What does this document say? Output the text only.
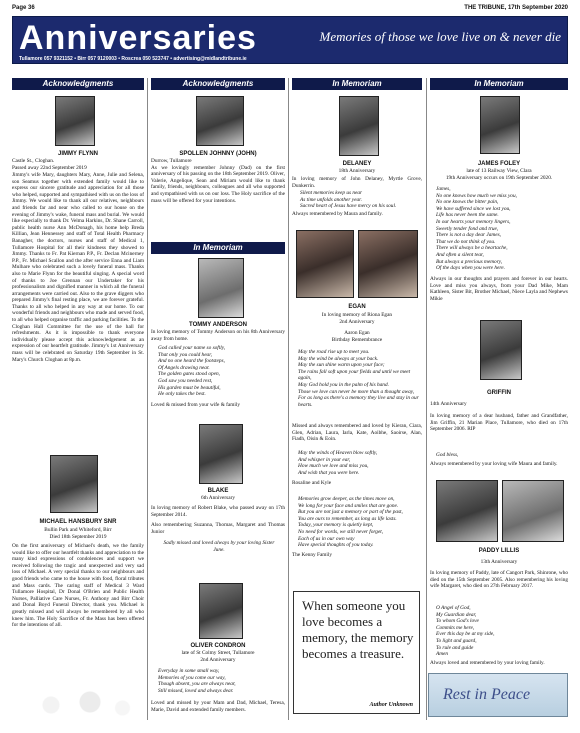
Page 36	THE TRIBUNE, 17th September 2020
Anniversaries	Memories of those we love live on & never die
Tullamore 057 9321152 • Birr 057 9120003 • Roscrea 050 523747 • advertising@midlandtribune.ie
Acknowledgments	Acknowledgments	In Memoriam	In Memoriam
In Memoriam
JIMMY FLYNN
Castle St., Cloghan.
Passed away 22nd September 2019
Jimmy's wife Mary, daughters Mary, Anne, Julie and Selena, son Seamus together with extended family would like to express our sincere gratitude and appreciation for all those who helped, supported and sympathised with us on the loss of Jimmy. We would like to thank all our relatives, neighbours and friends far and near who called to our house on the evening of Jimmy's wake, funeral mass and burial. We would like especially to thank Dr. Velma Harkins, Dr. Shane Carroll, public health nurse Ann McDonagh, his home help Breda Killian, Jean Hennessey and staff of Total Health Pharmacy Banagher, the doctors, nurses and staff of Medical 1, Tullamore Hospital for all their kindness they showed to Jimmy. Thanks to Fr. Pat Kiernan P.P., Fr. Declan Mcinerney P.P., Fr. Michael Scallon and the after service Enna and Liam Mulhare who celebrated such a lovely funeral mass. Thanks also to Marie Flynn for the beautiful singing. A special word of thanks to Joe Grennan our Undertaker for his professionalism and dignified manner in which all the funeral arrangements were carried out. Also to the grave diggers who prepared Jimmy's final resting place, we are forever grateful. Thanks to all who helped in any way at our home. To our wonderful friends and neighbours who made and served food, to all who helped organise traffic and parking facilities. To the Cloghan Hall Committee for the use of the hall for refreshments. As it is impossible to thank everyone individually please accept this acknowledgement as an expression of our heartfelt gratitude. Jimmy's 1st Anniversary mass will be celebrated on Saturday 19th September in St. Mary's Church Cloghan at 8p.m.
MICHAEL HANSBURY SNR
Bullin Park and Whiteford, Birr
Died 18th September 2019
On the first anniversary of Michael's death, we the family would like to offer our heartfelt thanks and appreciation to the many kind expressions of condolences and support we received following the tragic and unexpected and very sad loss of Michael. A very special thanks to our neighbours and good friends who came to the house with food, floral tributes and Mass cards. The caring staff of Medical 3 Ward Tullamore Hospital, Dr Donal O'Brien and Public Health Nurses, Palliative Care Nurses, Fr. Anthony and Birr Choir and Donal Boyd Funeral Director, thank you. Michael is greatly missed and will always be remembered by all who knew him. The Holy Sacrifice of the Mass has been offered for the intentions of all.
SPOLLEN JOHNNY (JOHN)
Durrow, Tullamore
As we lovingly remember Johnny (Dad) on the first anniversary of his passing on the 18th September 2019. Oliver, Valerie, Angelique, Sean and Miriam would like to thank family, friends, neighbours, colleagues and all who supported and sympathised with us on our loss. The Holy sacrifice of the mass will be offered for your intentions.
TOMMY ANDERSON
In loving memory of Tommy Anderson on his 8th Anniversary away from home.
God called your name so softly,
That only you could hear,
And no one heard the footsteps,
Of Angels drawing near.
The golden gates stood open,
God saw you needed rest,
His garden must be beautiful,
He only takes the best.
Loved & missed from your wife & family
BLAKE
6th Anniversary
In loving memory of Robert Blake, who passed away on 17th September 2014.
Also remembering Suzanna, Thomas, Margaret and Thomas Junior
Sadly missed and loved always by your loving Sister June.
OLIVER CONDRON
late of St Colmy Street, Tullamore
2nd Anniversary
Everyday in some small way,
Memories of you come our way,
Though absent, you are always near,
Still missed, loved and always dear.
Loved and missed by your Mam and Dad, Michael, Teresa, Marie, David and extended family members.
DELANEY
18th Anniversary
In loving memory of John Delaney, Myrtle Grove, Dunkerrin.
Silent memories keep us near
As time unfolds another year.
Sacred heart of Jesus have mercy on his soul.
Always remembered by Maura and family.
EGAN
In loving memory of Riona Egan
2nd Anniversary
Aaron Egan
Birthday Remembrance
May the road rise up to meet you.
May the wind be always at your back.
May the sun shine warm upon your face;
The rains fall soft upon your fields and until we meet again,
May God hold you in the palm of his hand.
Those we love can never be more than a thought away,
For as long as there's a memory they live and stay in our hearts.
Missed and always remembered and loved by Kieran, Ciara, Glen, Adrian, Laura, Iarla, Kate, Aoibhe, Saoirse, Alan, Fiadh, Oisin & Eoin.
May the winds of Heaven blow softly,
And whisper in your ear,
How much we love and miss you,
And wish that you were here.
Rosaline and Kyle
Memories grow deeper, as the times move on,
We long for your face and smiles that are gone.
But you are not just a memory or part of the past,
You are ours to remember, as long as life lasts.
Today, your memory is quietly kept,
No need for words, we still never forget,
Each of us in our own way
Have special thoughts of you today.
The Kenny Family
When someone you love becomes a memory, the memory becomes a treasure.
Author Unknown
JAMES FOLEY
late of 13 Railway View, Clara
19th Anniversary occurs on 19th September 2020.
James,
No one knows how much we miss you,
No one knows the bitter pain,
We have suffered since we lost you,
Life has never been the same.
In our hearts your memory lingers,
Sweetly tender fond and true,
There is not a day dear James,
That we do not think of you.
There will always be a heartache,
And often a silent tear,
But always a precious memory,
Of the days when you were here.
Always in our thoughts and prayers and forever in our hearts. Love and miss you always, from your Dad Mike, Mam Kathleen, Sister Bit, Brother Michael, Niece Layla and Nephews Mikie
GRIFFIN
14th Anniversary
In loving memory of a dear husband, father and Grandfather, Jim Griffin, 21 Marian Place, Tullamore, who died on 17th September 2006. RIP
God bless,
Always remembered by your loving wife Maura and family.
PADDY LILLIS
13th Anniversary
In loving memory of Paddy, late of Cangort Park, Shinrone, who died on the 15th September 2005. Also remembering his loving wife Margaret, who died on 27th February 2017.
O Angel of God,
My Guardian dear,
To whom God's love
Commits me here,
Ever this day be at my side,
To light and guard,
To rule and guide
Amen
Always loved and remembered by your loving family.
Rest in Peace
